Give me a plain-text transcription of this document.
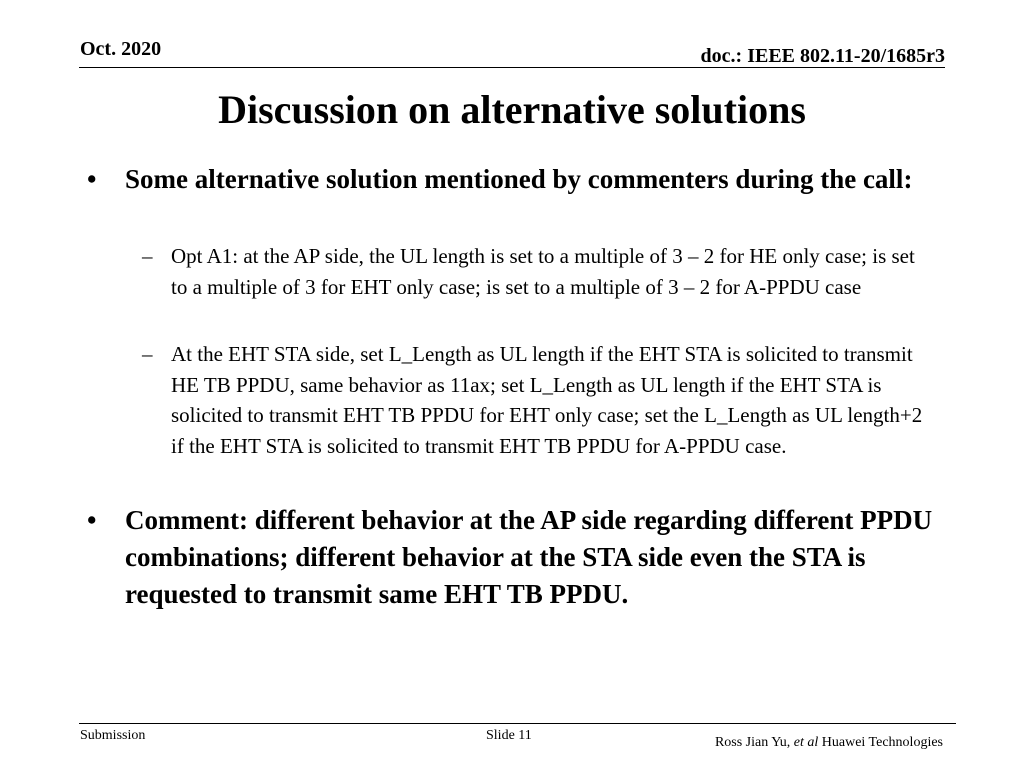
Oct. 2020	doc.: IEEE 802.11-20/1685r3
Discussion on alternative solutions
• Some alternative solution mentioned by commenters during the call:
– Opt A1: at the AP side, the UL length is set to a multiple of 3 – 2 for HE only case; is set to a multiple of 3 for EHT only case; is set to a multiple of 3 – 2 for A-PPDU case
– At the EHT STA side, set L_Length as UL length if the EHT STA is solicited to transmit HE TB PPDU, same behavior as 11ax; set L_Length as UL length if the EHT STA is solicited to transmit EHT TB PPDU for EHT only case; set the L_Length as UL length+2 if the EHT STA is solicited to transmit EHT TB PPDU for A-PPDU case.
• Comment: different behavior at the AP side regarding different PPDU combinations; different behavior at the STA side even the STA is requested to transmit same EHT TB PPDU.
Submission	Slide 11	Ross Jian Yu, et al Huawei Technologies
